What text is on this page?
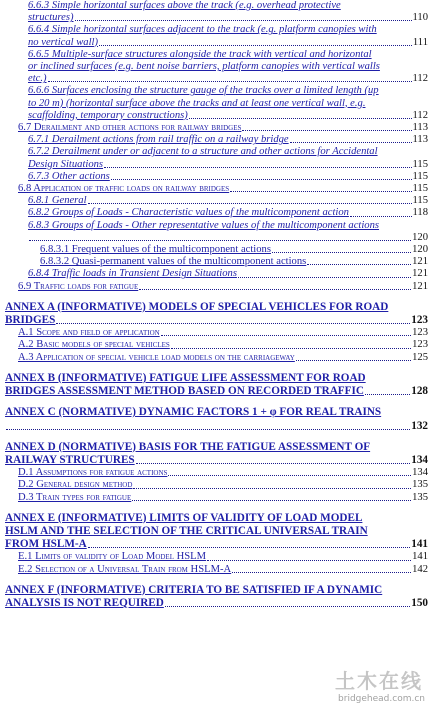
6.6.3 Simple horizontal surfaces above the track (e.g. overhead protective
structures)	110
6.6.4 Simple horizontal surfaces adjacent to the track (e.g. platform canopies with
no vertical wall)	111
6.6.5 Multiple-surface structures alongside the track with vertical and horizontal
or inclined surfaces (e.g. bent noise barriers, platform canopies with vertical walls
etc.)	112
6.6.6 Surfaces enclosing the structure gauge of the tracks over a limited length (up
to 20 m) (horizontal surface above the tracks and at least one vertical wall, e.g.
scaffolding, temporary constructions)	112
6.7 Derailment and other actions for railway bridges	113
6.7.1 Derailment actions from rail traffic on a railway bridge	113
6.7.2 Derailment under or adjacent to a structure and other actions for Accidental
Design Situations	115
6.7.3 Other actions	115
6.8 Application of traffic loads on railway bridges	115
6.8.1 General	115
6.8.2 Groups of Loads - Characteristic values of the multicomponent action	118
6.8.3 Groups of Loads - Other representative values of the multicomponent actions
120
6.8.3.1 Frequent values of the multicomponent actions	120
6.8.3.2 Quasi-permanent values of the multicomponent actions	121
6.8.4 Traffic loads in Transient Design Situations	121
6.9 Traffic loads for fatigue	121
ANNEX A (INFORMATIVE) MODELS OF SPECIAL VEHICLES FOR ROAD
BRIDGES	123
A.1 Scope and field of application	123
A.2 Basic models of special vehicles	123
A.3 Application of special vehicle load models on the carriageway	125
ANNEX B (INFORMATIVE) FATIGUE LIFE ASSESSMENT FOR ROAD
BRIDGES ASSESSMENT METHOD BASED ON RECORDED TRAFFIC	128
ANNEX C (NORMATIVE) DYNAMIC FACTORS 1 + φ FOR REAL TRAINS
132
ANNEX D (NORMATIVE) BASIS FOR THE FATIGUE ASSESSMENT OF
RAILWAY STRUCTURES	134
D.1 Assumptions for fatigue actions	134
D.2 General design method	135
D.3 Train types for fatigue	135
ANNEX E (INFORMATIVE) LIMITS OF VALIDITY OF LOAD MODEL
HSLM AND THE SELECTION OF THE CRITICAL UNIVERSAL TRAIN
FROM HSLM-A	141
E.1 Limits of validity of Load Model HSLM	141
E.2 Selection of a Universal Train from HSLM-A	142
ANNEX F (INFORMATIVE) CRITERIA TO BE SATISFIED IF A DYNAMIC
ANALYSIS IS NOT REQUIRED	150
土木在线
bridgehead.com.cn
